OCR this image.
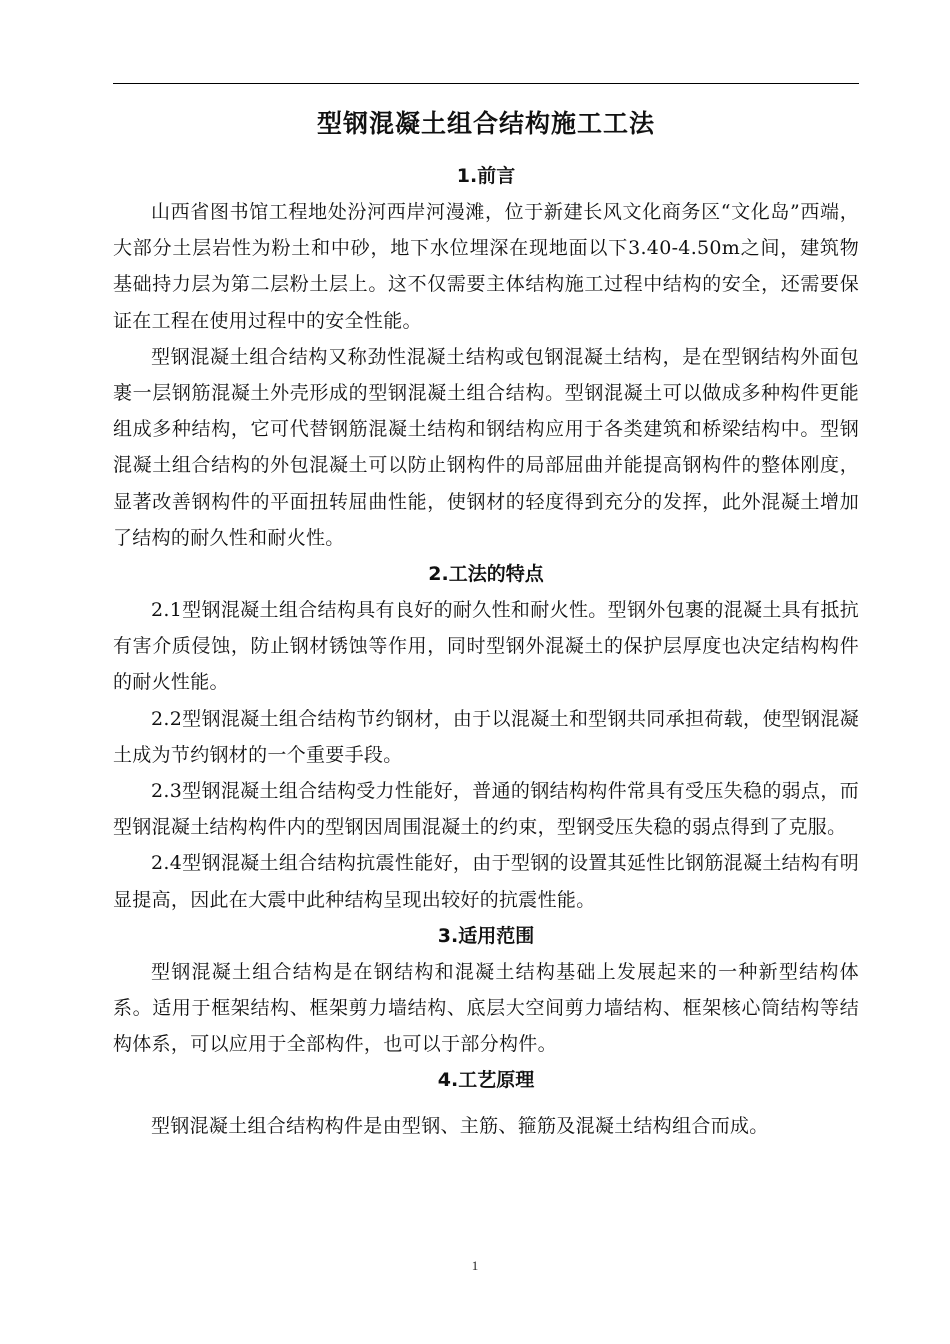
型钢混凝土组合结构施工工法
1.前言

山西省图书馆工程地处汾河西岸河漫滩，位于新建长风文化商务区“文化岛”西端，大部分土层岩性为粉土和中砂，地下水位埋深在现地面以下3.40-4.50m之间，建筑物基础持力层为第二层粉土层上。这不仅需要主体结构施工过程中结构的安全，还需要保证在工程在使用过程中的安全性能。

型钢混凝土组合结构又称劲性混凝土结构或包钢混凝土结构，是在型钢结构外面包裹一层钢筋混凝土外壳形成的型钢混凝土组合结构。型钢混凝土可以做成多种构件更能组成多种结构，它可代替钢筋混凝土结构和钢结构应用于各类建筑和桥梁结构中。型钢混凝土组合结构的外包混凝土可以防止钢构件的局部屈曲并能提高钢构件的整体刚度，显著改善钢构件的平面扭转屈曲性能，使钢材的轻度得到充分的发挥，此外混凝土增加了结构的耐久性和耐火性。

2.工法的特点

2.1型钢混凝土组合结构具有良好的耐久性和耐火性。型钢外包裹的混凝土具有抵抗有害介质侵蚀，防止钢材锈蚀等作用，同时型钢外混凝土的保护层厚度也决定结构构件的耐火性能。

2.2型钢混凝土组合结构节约钢材，由于以混凝土和型钢共同承担荷载，使型钢混凝土成为节约钢材的一个重要手段。

2.3型钢混凝土组合结构受力性能好，普通的钢结构构件常具有受压失稳的弱点，而型钢混凝土结构构件内的型钢因周围混凝土的约束，型钢受压失稳的弱点得到了克服。

2.4型钢混凝土组合结构抗震性能好，由于型钢的设置其延性比钢筋混凝土结构有明显提高，因此在大震中此种结构呈现出较好的抗震性能。

3.适用范围

型钢混凝土组合结构是在钢结构和混凝土结构基础上发展起来的一种新型结构体系。适用于框架结构、框架剪力墙结构、底层大空间剪力墙结构、框架核心筒结构等结构体系，可以应用于全部构件，也可以于部分构件。

4.工艺原理

型钢混凝土组合结构构件是由型钢、主筋、箍筋及混凝土结构组合而成。

1
